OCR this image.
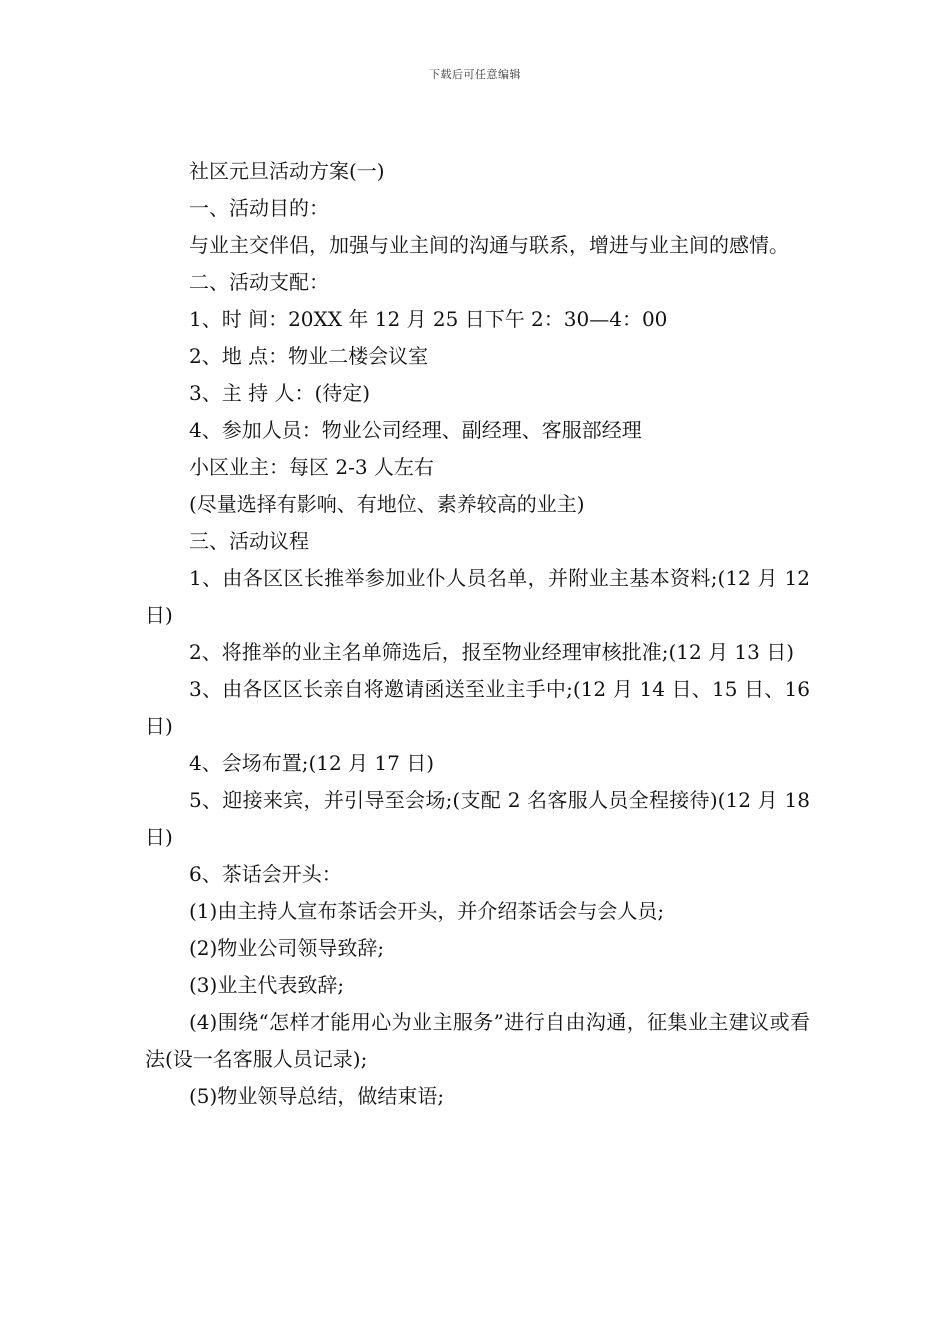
下载后可任意编辑

社区元旦活动方案(一)

一、活动目的：

与业主交伴侣，加强与业主间的沟通与联系，增进与业主间的感情。

二、活动支配：

1、时 间：20XX 年 12 月 25 日下午 2：30—4：00

2、地 点：物业二楼会议室

3、主 持 人：(待定)

4、参加人员：物业公司经理、副经理、客服部经理

小区业主：每区 2-3 人左右

(尽量选择有影响、有地位、素养较高的业主)

三、活动议程

1、由各区区长推举参加业仆人员名单，并附业主基本资料;(12 月 12 日)

2、将推举的业主名单筛选后，报至物业经理审核批准;(12 月 13 日)

3、由各区区长亲自将邀请函送至业主手中;(12 月 14 日、15 日、16 日)

4、会场布置;(12 月 17 日)

5、迎接来宾，并引导至会场;(支配 2 名客服人员全程接待)(12 月 18 日)

6、茶话会开头：

(1)由主持人宣布茶话会开头，并介绍茶话会与会人员;

(2)物业公司领导致辞;

(3)业主代表致辞;

(4)围绕“怎样才能用心为业主服务”进行自由沟通，征集业主建议或看法(设一名客服人员记录);

(5)物业领导总结，做结束语;
